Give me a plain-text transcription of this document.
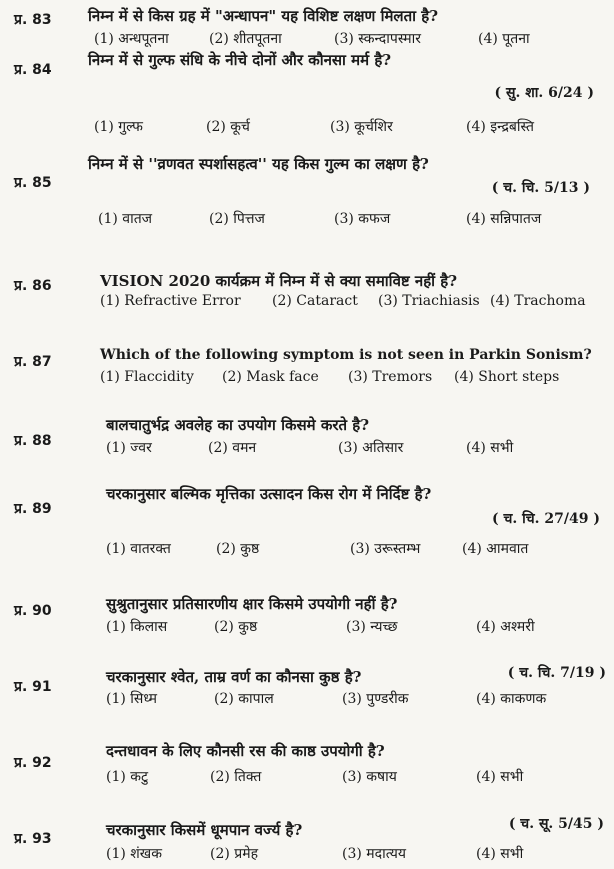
प्र. 83 निम्न में से किस ग्रह में "अन्धापन" यह विशिष्ट लक्षण मिलता है?
(1) अन्धपूतना	(2) शीतपूतना	(3) स्कन्दापस्मार	(4) पूतना
प्र. 84
निम्न में से गुल्फ संधि के नीचे दोनों और कौनसा मर्म है?
( सु. शा. 6/24 )
(1) गुल्फ	(2) कूर्च	(3) कूर्चशिर	(4) इन्द्रबस्ति
प्र. 85
निम्न में से ''व्रणवत स्पर्शासहत्व'' यह किस गुल्म का लक्षण है?
( च. चि. 5/13 )
(1) वातज	(2) पित्तज	(3) कफज	(4) सन्निपातज
प्र. 86	VISION 2020 कार्यक्रम में निम्न में से क्या समाविष्ट नहीं है?
(1) Refractive Error (2) Cataract (3) Triachiasis (4) Trachoma
प्र. 87	Which of the following symptom is not seen in Parkin Sonism?
(1) Flaccidity (2) Mask face (3) Tremors (4) Short steps
प्र. 88
बालचातुर्भद्र अवलेह का उपयोग किसमे करते है?
(1) ज्वर	(2) वमन	(3) अतिसार	(4) सभी
प्र. 89
चरकानुसार बल्मिक मृत्तिका उत्सादन किस रोग में निर्दिष्ट है?
( च. चि. 27/49 )
(1) वातरक्त	(2) कुष्ठ	(3) उरूस्तम्भ	(4) आमवात
प्र. 90	सुश्रुतानुसार प्रतिसारणीय क्षार किसमे उपयोगी नहीं है?
(1) किलास	(2) कुष्ठ	(3) न्यच्छ	(4) अश्मरी
प्र. 91
चरकानुसार श्वेत, ताम्र वर्ण का कौनसा कुष्ठ है?	( च. चि. 7/19 )
(1) सिध्म	(2) कापाल	(3) पुण्डरीक	(4) काकणक
प्र. 92
दन्तधावन के लिए कौनसी रस की काष्ठ उपयोगी है?
(1) कटु	(2) तिक्त	(3) कषाय	(4) सभी
प्र. 93	चरकानुसार किसमें धूमपान वर्ज्य है?	( च. सू. 5/45 )
(1) शंखक	(2) प्रमेह	(3) मदात्यय	(4) सभी
